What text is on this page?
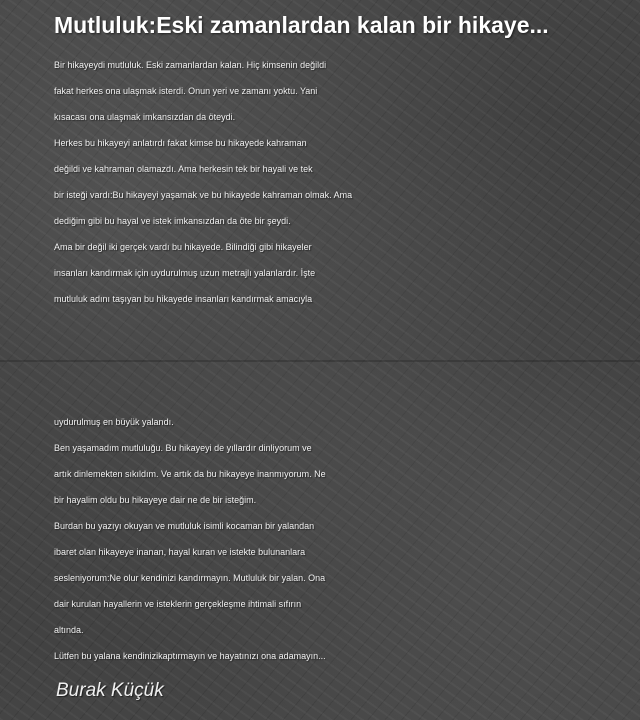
Mutluluk:Eski zamanlardan kalan bir hikaye...
Bir hikayeydi mutluluk. Eski zamanlardan kalan. Hiç kimsenin değildi
fakat herkes ona ulaşmak isterdi. Onun yeri ve zamanı yoktu. Yani
kısacası ona ulaşmak imkansızdan da öteydi.
Herkes bu hikayeyi anlatırdı fakat kimse bu hikayede kahraman
değildi ve kahraman olamazdı. Ama herkesin tek bir hayali ve tek
bir isteği vardı:Bu hikayeyi yaşamak ve bu hikayede kahraman olmak. Ama
dediğim gibi bu hayal ve istek imkansızdan da öte bir şeydi.
Ama bir değil iki gerçek vardı bu hikayede. Bilindiği gibi hikayeler
insanları kandırmak için uydurulmuş uzun metrajlı yalanlardır. İşte
mutluluk adını taşıyan bu hikayede insanları kandırmak amacıyla
uydurulmuş en büyük yalandı.
Ben yaşamadım mutluluğu. Bu hikayeyi de yıllardır dinliyorum ve
artık dinlemekten sıkıldım. Ve artık da bu hikayeye inanmıyorum. Ne
bir hayalim oldu bu hikayeye dair ne de bir isteğim.
Burdan bu yazıyı okuyan ve mutluluk isimli kocaman bir yalandan
ibaret olan hikayeye inanan, hayal kuran ve istekte bulunanlara
sesleniyorum:Ne olur kendinizi kandırmayın. Mutluluk bir yalan. Ona
dair kurulan hayallerin ve isteklerin gerçekleşme ihtimali sıfırın
altında.
Lütfen bu yalana kendinizikaptırmayın ve hayatınızı ona adamayın...
Burak Küçük
